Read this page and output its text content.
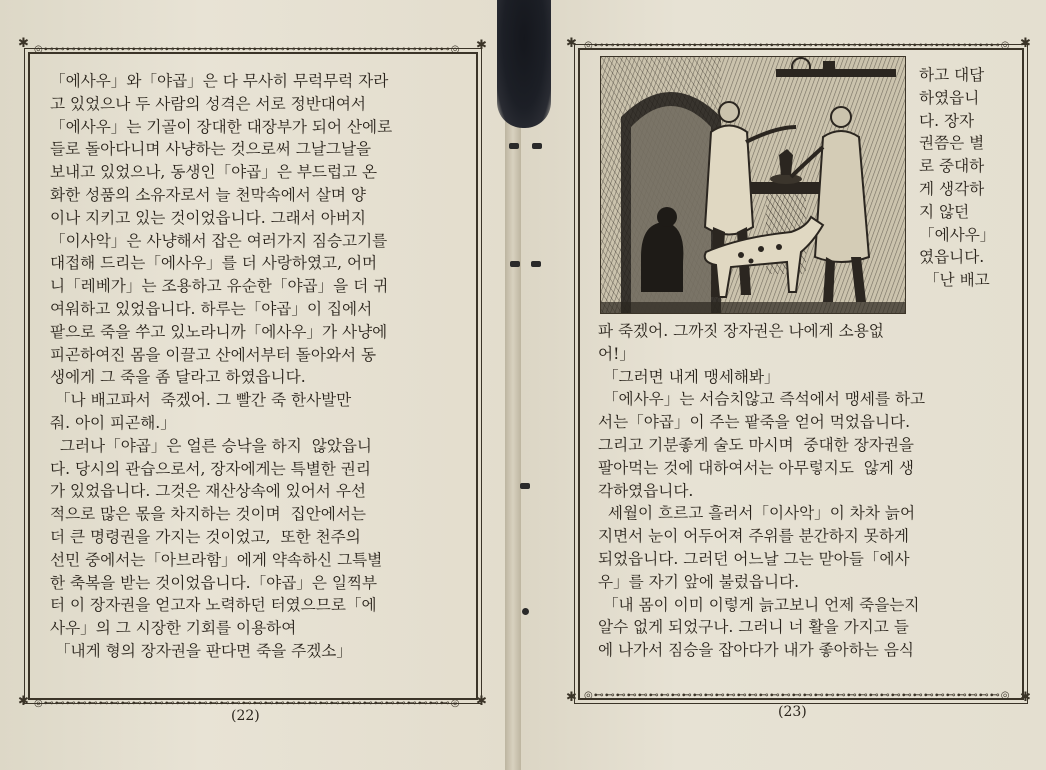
◎⊷⊷⊷⊷⊷⊷⊷⊷⊷⊷⊷⊷⊷⊷⊷⊷⊷⊷⊷⊷⊷⊷⊷⊷⊷⊷⊷⊷⊷⊷⊷⊷⊷⊷⊷⊷⊷◎
◎⊷⊷⊷⊷⊷⊷⊷⊷⊷⊷⊷⊷⊷⊷⊷⊷⊷⊷⊷⊷⊷⊷⊷⊷⊷⊷⊷⊷⊷⊷⊷⊷⊷⊷⊷⊷⊷◎
✱	✱
✱	✱
◎⊷⊷⊷⊷⊷⊷⊷⊷⊷⊷⊷⊷⊷⊷⊷⊷⊷⊷⊷⊷⊷⊷⊷⊷⊷⊷⊷⊷⊷⊷⊷⊷⊷⊷⊷⊷⊷◎
◎⊷⊷⊷⊷⊷⊷⊷⊷⊷⊷⊷⊷⊷⊷⊷⊷⊷⊷⊷⊷⊷⊷⊷⊷⊷⊷⊷⊷⊷⊷⊷⊷⊷⊷⊷⊷⊷◎
✱	✱
✱	✱

「에사우」와「야곱」은 다 무사히 무럭무럭 자라

고 있었으나 두 사람의 성격은 서로 정반대여서

「에사우」는 기골이 장대한 대장부가 되어 산에로

들로 돌아다니며 사냥하는 것으로써 그날그날을

보내고 있었으나, 동생인「야곱」은 부드럽고 온

화한 성품의 소유자로서 늘 천막속에서 살며 양

이나 지키고 있는 것이었읍니다. 그래서 아버지

「이사악」은 사냥해서 잡은 여러가지 짐승고기를

대접해 드리는「에사우」를 더 사랑하였고, 어머

니「레베가」는 조용하고 유순한「야곱」을 더 귀

여워하고 있었읍니다. 하루는「야곱」이 집에서

팥으로 죽을 쑤고 있노라니까「에사우」가 사냥에

피곤하여진 몸을 이끌고 산에서부터 돌아와서 동

생에게 그 죽을 좀 달라고 하였읍니다.

「나 배고파서  죽겠어. 그 빨간 죽 한사발만

줘. 아이 피곤해.」

그러나「야곱」은 얼른 승낙을 하지  않았읍니

다. 당시의 관습으로서, 장자에게는 특별한 권리

가 있었읍니다. 그것은 재산상속에 있어서 우선

적으로 많은 몫을 차지하는 것이며  집안에서는

더 큰 명령권을 가지는 것이었고,  또한 천주의

선민 중에서는「아브라함」에게 약속하신 그특별

한 축복을 받는 것이었읍니다.「야곱」은 일찍부

터 이 장자권을 얻고자 노력하던 터였으므로「에

사우」의 그 시장한 기회를 이용하여

「내게 형의 장자권을 판다면 죽을 주겠소」

하고 대답

하였읍니

다. 장자

권쯤은 별

로 중대하

게 생각하

지 않던

「에사우」

였읍니다.

「난 배고

파 죽겠어. 그까짓 장자권은 나에게 소용없

어!」

「그러면 내게 맹세해봐」

「에사우」는 서슴치않고 즉석에서 맹세를 하고

서는「야곱」이 주는 팥죽을 얻어 먹었읍니다.

그리고 기분좋게 술도 마시며  중대한 장자권을

팔아먹는 것에 대하여서는 아무렇지도  않게 생

각하였읍니다.

세월이 흐르고 흘러서「이사악」이 차차 늙어

지면서 눈이 어두어져 주위를 분간하지 못하게

되었읍니다. 그러던 어느날 그는 맏아들「에사

우」를 자기 앞에 불렀읍니다.

「내 몸이 이미 이렇게 늙고보니 언제 죽을는지

알수 없게 되었구나. 그러니 너 활을 가지고 들

에 나가서 짐승을 잡아다가 내가 좋아하는 음식

(22)	(23)
